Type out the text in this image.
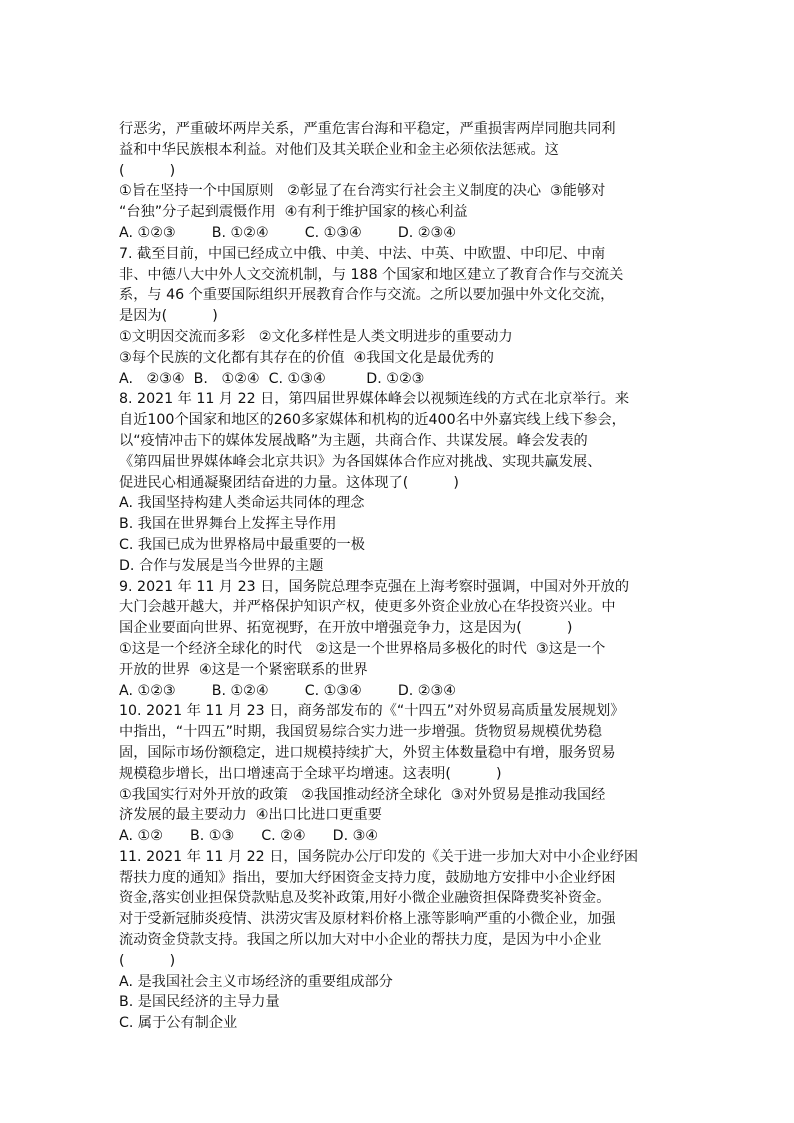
行恶劣，严重破坏两岸关系，严重危害台海和平稳定，严重损害两岸同胞共同利
益和中华民族根本利益。对他们及其关联企业和金主必须依法惩戒。这
(          )
①旨在坚持一个中国原则   ②彰显了在台湾实行社会主义制度的决心  ③能够对
“台独”分子起到震慑作用  ④有利于维护国家的核心利益
A. ①②③        B. ①②④        C. ①③④        D. ②③④
7. 截至目前，中国已经成立中俄、中美、中法、中英、中欧盟、中印尼、中南
非、中德八大中外人文交流机制，与 188 个国家和地区建立了教育合作与交流关
系，与 46 个重要国际组织开展教育合作与交流。之所以要加强中外文化交流，
是因为(          )
①文明因交流而多彩   ②文化多样性是人类文明进步的重要动力
③每个民族的文化都有其存在的价值  ④我国文化是最优秀的
A.   ②③④  B.   ①②④  C. ①③④         D. ①②③
8. 2021 年 11 月 22 日，第四届世界媒体峰会以视频连线的方式在北京举行。来
自近100个国家和地区的260多家媒体和机构的近400名中外嘉宾线上线下参会，
以“疫情冲击下的媒体发展战略”为主题，共商合作、共谋发展。峰会发表的
《第四届世界媒体峰会北京共识》为各国媒体合作应对挑战、实现共赢发展、
促进民心相通凝聚团结奋进的力量。这体现了(          )
A. 我国坚持构建人类命运共同体的理念
B. 我国在世界舞台上发挥主导作用
C. 我国已成为世界格局中最重要的一极
D. 合作与发展是当今世界的主题
9. 2021 年 11 月 23 日，国务院总理李克强在上海考察时强调，中国对外开放的
大门会越开越大，并严格保护知识产权，使更多外资企业放心在华投资兴业。中
国企业要面向世界、拓宽视野，在开放中增强竞争力，这是因为(          )
①这是一个经济全球化的时代   ②这是一个世界格局多极化的时代  ③这是一个
开放的世界  ④这是一个紧密联系的世界
A. ①②③        B. ①②④        C. ①③④        D. ②③④
10. 2021 年 11 月 23 日，商务部发布的《“十四五”对外贸易高质量发展规划》
中指出，“十四五”时期，我国贸易综合实力进一步增强。货物贸易规模优势稳
固，国际市场份额稳定，进口规模持续扩大，外贸主体数量稳中有增，服务贸易
规模稳步增长，出口增速高于全球平均增速。这表明(          )
①我国实行对外开放的政策   ②我国推动经济全球化  ③对外贸易是推动我国经
济发展的最主要动力  ④出口比进口更重要
A. ①②      B. ①③      C. ②④      D. ③④
11. 2021 年 11 月 22 日，国务院办公厅印发的《关于进一步加大对中小企业纾困
帮扶力度的通知》指出，要加大纾困资金支持力度，鼓励地方安排中小企业纾困
资金,落实创业担保贷款贴息及奖补政策,用好小微企业融资担保降费奖补资金。
对于受新冠肺炎疫情、洪涝灾害及原材料价格上涨等影响严重的小微企业，加强
流动资金贷款支持。我国之所以加大对中小企业的帮扶力度，是因为中小企业
(          )
A. 是我国社会主义市场经济的重要组成部分
B. 是国民经济的主导力量
C. 属于公有制企业
